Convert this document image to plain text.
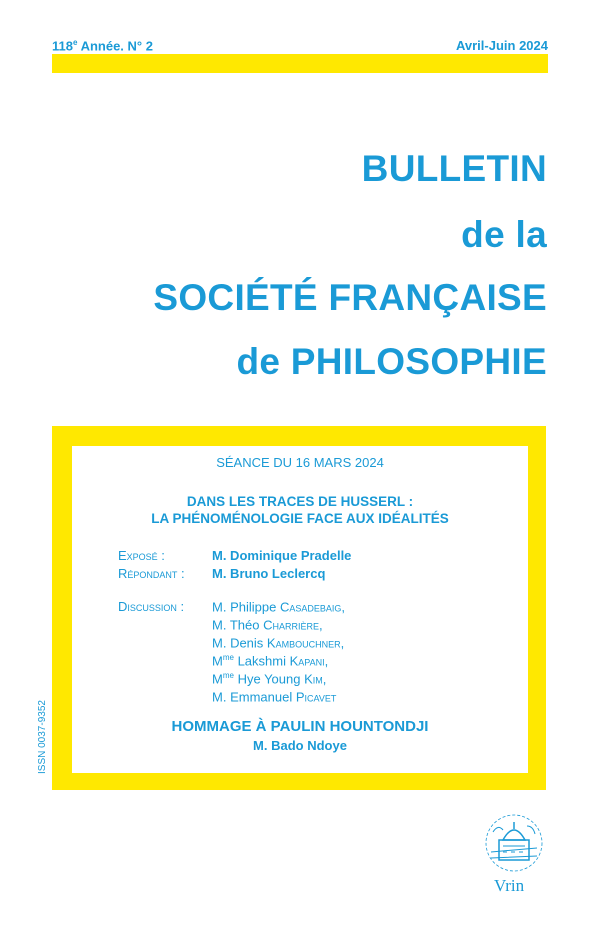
118e Année. N° 2	Avril-Juin 2024
BULLETIN
de la
SOCIÉTÉ FRANÇAISE
de PHILOSOPHIE
SÉANCE DU 16 MARS 2024
DANS LES TRACES DE HUSSERL :
LA PHÉNOMÉNOLOGIE FACE AUX IDÉALITÉS
Exposé :	M. Dominique Pradelle
Répondant :	M. Bruno Leclercq
Discussion :	M. Philippe Casadebaig,
M. Théo Charrière,
M. Denis Kambouchner,
$M^{me}$ Lakshmi Kapani,
$M^{me}$ Hye Young Kim,
M. Emmanuel Picavet
HOMMAGE À PAULIN HOUNTONDJI
M. Bado Ndoye
ISSN 0037-9352
Vrin
